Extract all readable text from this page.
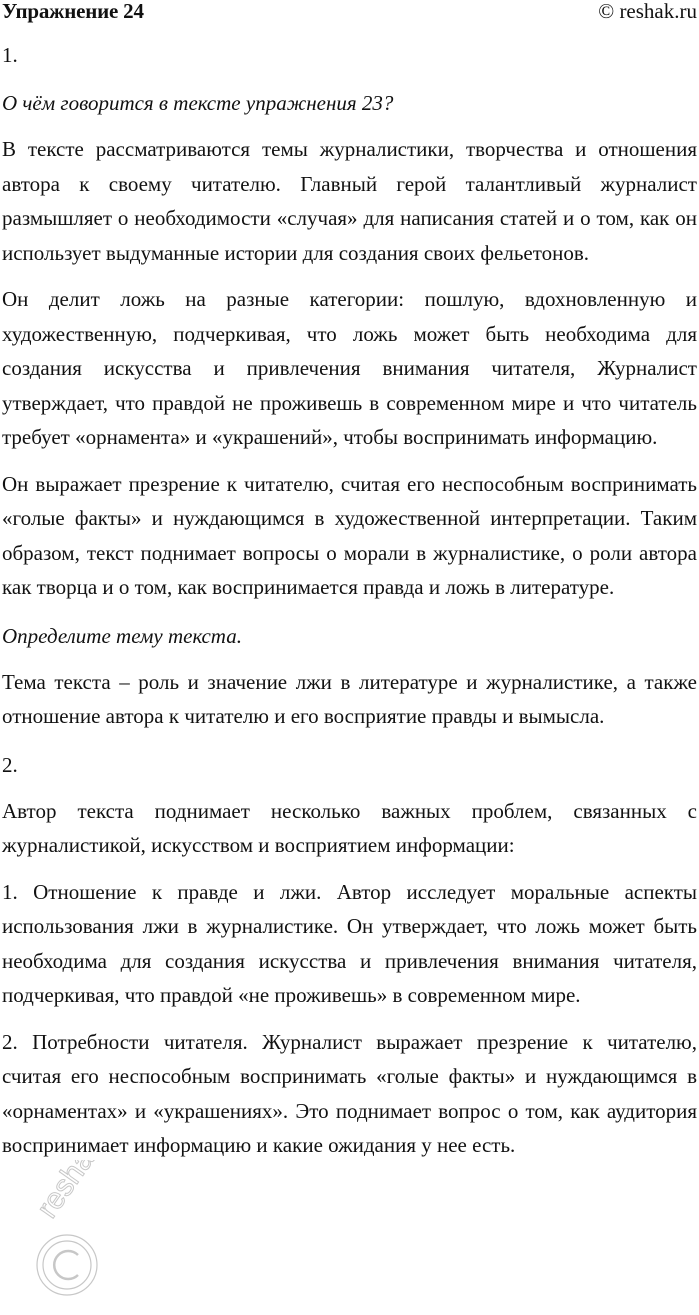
Упражнение 24	© reshak.ru
1.
О чём говорится в тексте упражнения 23?

В тексте рассматриваются темы журналистики, творчества и отношения автора к своему читателю. Главный герой талантливый журналист размышляет о необходимости «случая» для написания статей и о том, как он использует выдуманные истории для создания своих фельетонов.

Он делит ложь на разные категории: пошлую, вдохновленную и художественную, подчеркивая, что ложь может быть необходима для создания искусства и привлечения внимания читателя, Журналист утверждает, что правдой не проживешь в современном мире и что читатель требует «орнамента» и «украшений», чтобы воспринимать информацию.

Он выражает презрение к читателю, считая его неспособным воспринимать «голые факты» и нуждающимся в художественной интерпретации. Таким образом, текст поднимает вопросы о морали в журналистике, о роли автора как творца и о том, как воспринимается правда и ложь в литературе.

Определите тему текста.

Тема текста – роль и значение лжи в литературе и журналистике, а также отношение автора к читателю и его восприятие правды и вымысла.

2.

Автор текста поднимает несколько важных проблем, связанных с журналистикой, искусством и восприятием информации:

1. Отношение к правде и лжи. Автор исследует моральные аспекты использования лжи в журналистике. Он утверждает, что ложь может быть необходима для создания искусства и привлечения внимания читателя, подчеркивая, что правдой «не проживешь» в современном мире.

2. Потребности читателя. Журналист выражает презрение к читателю, считая его неспособным воспринимать «голые факты» и нуждающимся в «орнаментах» и «украшениях». Это поднимает вопрос о том, как аудитория воспринимает информацию и какие ожидания у нее есть.

reshak.ru
